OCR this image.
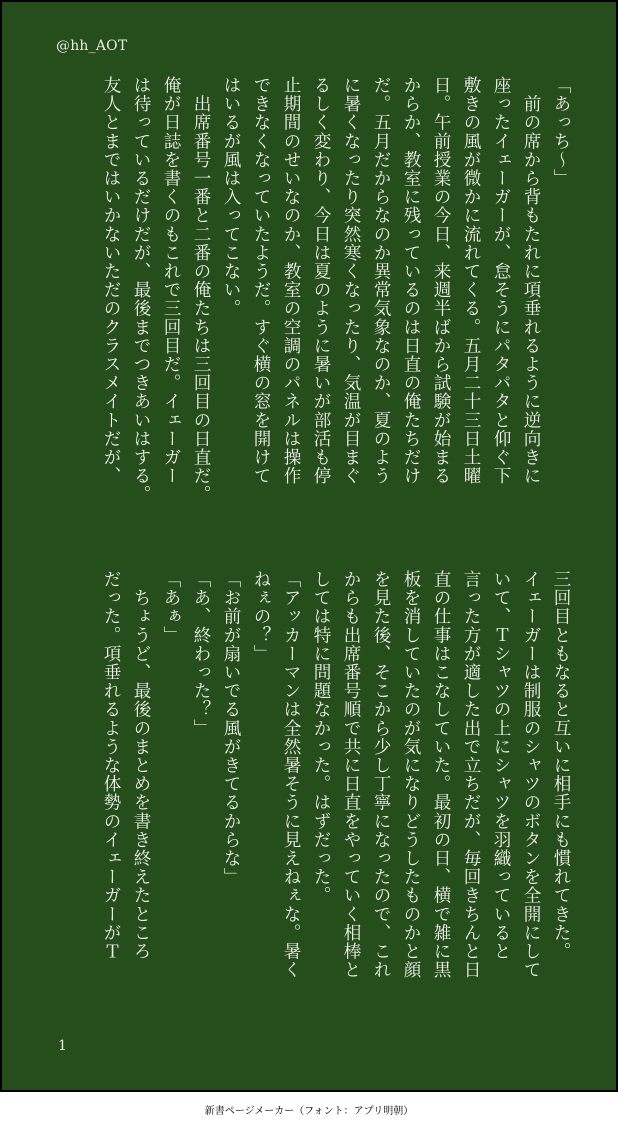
@hh_AOT

「あっち〜」

　前の席から背もたれに項垂れるように逆向きに

座ったイェーガーが、怠そうにパタパタと仰ぐ下

敷きの風が微かに流れてくる。五月二十三日土曜

日。午前授業の今日、来週半ばから試験が始まる

からか、教室に残っているのは日直の俺たちだけ

だ。五月だからなのか異常気象なのか、夏のよう

に暑くなったり突然寒くなったり、気温が目まぐ

るしく変わり、今日は夏のように暑いが部活も停

止期間のせいなのか、教室の空調のパネルは操作

できなくなっていたようだ。すぐ横の窓を開けて

はいるが風は入ってこない。

　出席番号一番と二番の俺たちは三回目の日直だ。

俺が日誌を書くのもこれで三回目だ。イェーガー

は待っているだけだが、最後までつきあいはする。

友人とまではいかないただのクラスメイトだが、

三回目ともなると互いに相手にも慣れてきた。

イェーガーは制服のシャツのボタンを全開にして

いて、Ｔシャツの上にシャツを羽織っていると

言った方が適した出で立ちだが、毎回きちんと日

直の仕事はこなしていた。最初の日、横で雑に黒

板を消していたのが気になりどうしたものかと顔

を見た後、そこから少し丁寧になったので、これ

からも出席番号順で共に日直をやっていく相棒と

しては特に問題なかった。はずだった。

「アッカーマンは全然暑そうに見えねぇな。暑く

ねぇの？」

「お前が扇いでる風がきてるからな」

「あ、終わった？」

「あぁ」

　ちょうど、最後のまとめを書き終えたところ

だった。項垂れるような体勢のイェーガーがＴ

1
新書ページメーカー（フォント：アプリ明朝）
